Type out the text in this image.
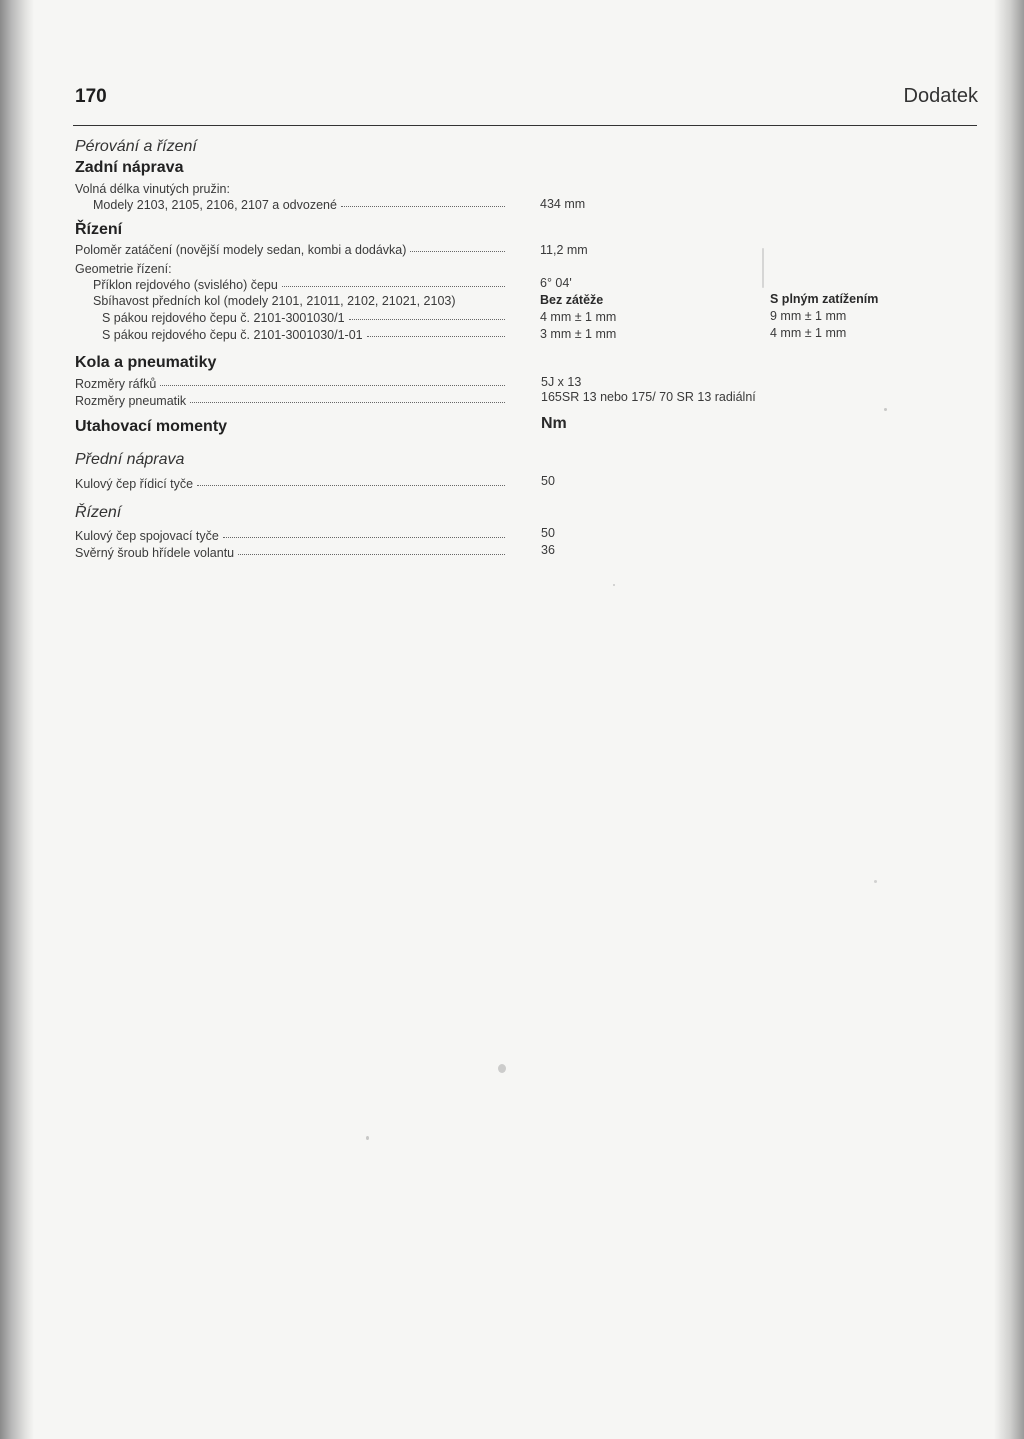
170	Dodatek
Pérování a řízení
Zadní náprava
Volná délka vinutých pružin:
Modely 2103, 2105, 2106, 2107 a odvozené	434 mm
Řízení
Poloměr zatáčení (novější modely sedan, kombi a dodávka)	11,2 mm
Geometrie řízení:
Příklon rejdového (svislého) čepu	6° 04'
Sbíhavost předních kol (modely 2101, 21011, 2102, 21021, 2103)	Bez zátěže	S plným zatížením
S pákou rejdového čepu č. 2101-3001030/1	4 mm ± 1 mm	9 mm ± 1 mm
S pákou rejdového čepu č. 2101-3001030/1-01	3 mm ± 1 mm	4 mm ± 1 mm
Kola a pneumatiky
Rozměry ráfků	5J x 13
Rozměry pneumatik	165SR 13 nebo 175/ 70 SR 13 radiální
Utahovací momenty	Nm
Přední náprava
Kulový čep řídicí tyče	50
Řízení
Kulový čep spojovací tyče	50
Svěrný šroub hřídele volantu	36
